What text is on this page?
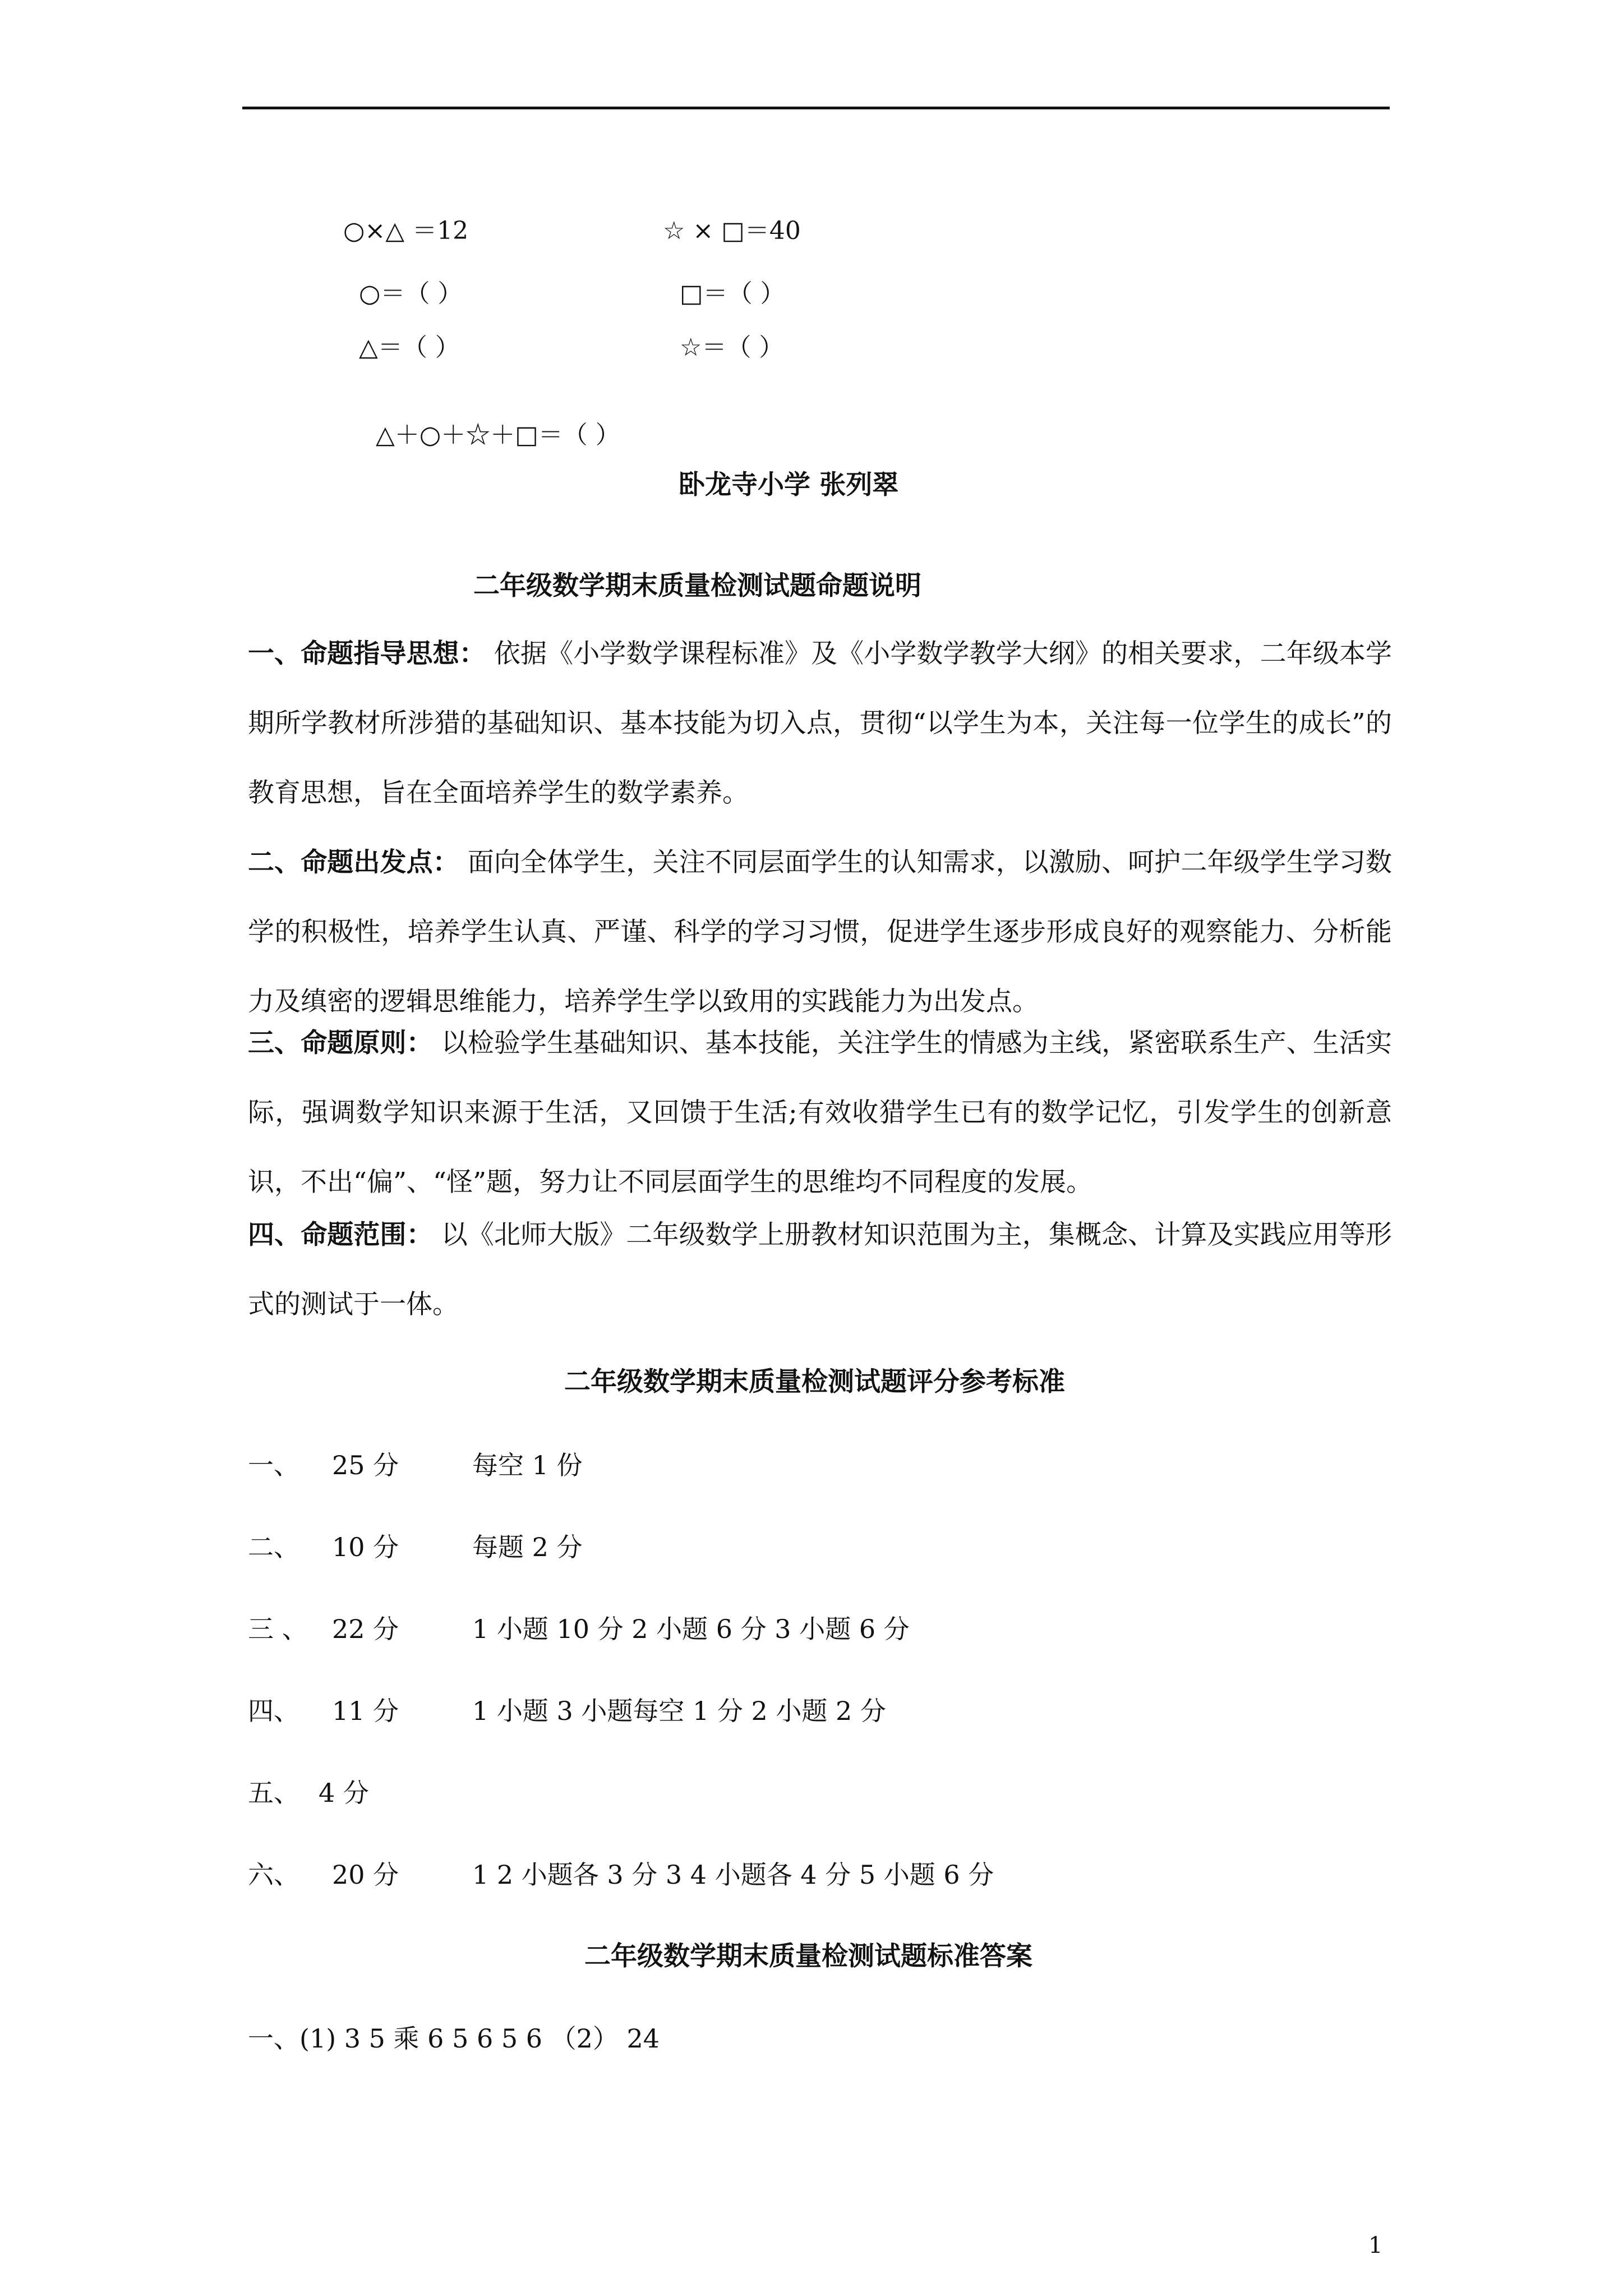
○×△ ＝12	☆ × □＝40
○＝（ ）	□＝（ ）
△＝（ ）	☆＝（ ）
△＋○＋☆＋□＝（ ）
卧龙寺小学 张列翠
二年级数学期末质量检测试题命题说明
一、命题指导思想： 依据《小学数学课程标准》及《小学数学教学大纲》的相关要求，二年级本学期所学教材所涉猎的基础知识、基本技能为切入点，贯彻“以学生为本，关注每一位学生的成长”的教育思想，旨在全面培养学生的数学素养。
二、命题出发点： 面向全体学生，关注不同层面学生的认知需求，以激励、呵护二年级学生学习数学的积极性，培养学生认真、严谨、科学的学习习惯，促进学生逐步形成良好的观察能力、分析能力及缜密的逻辑思维能力，培养学生学以致用的实践能力为出发点。
三、命题原则： 以检验学生基础知识、基本技能，关注学生的情感为主线，紧密联系生产、生活实际，强调数学知识来源于生活，又回馈于生活;有效收猎学生已有的数学记忆，引发学生的创新意识，不出“偏”、“怪”题，努力让不同层面学生的思维均不同程度的发展。
四、命题范围： 以《北师大版》二年级数学上册教材知识范围为主，集概念、计算及实践应用等形式的测试于一体。
二年级数学期末质量检测试题评分参考标准
一、 25 分	每空 1 份
二、 10 分	每题 2 分
三 、 22 分	1 小题 10 分 2 小题 6 分 3 小题 6 分
四、 11 分	1 小题 3 小题每空 1 分 2 小题 2 分
五、 4 分
六、 20 分	1 2 小题各 3 分 3 4 小题各 4 分 5 小题 6 分
二年级数学期末质量检测试题标准答案
一、(1) 3 5 乘 6 5 6 5 6 （2） 24
1
